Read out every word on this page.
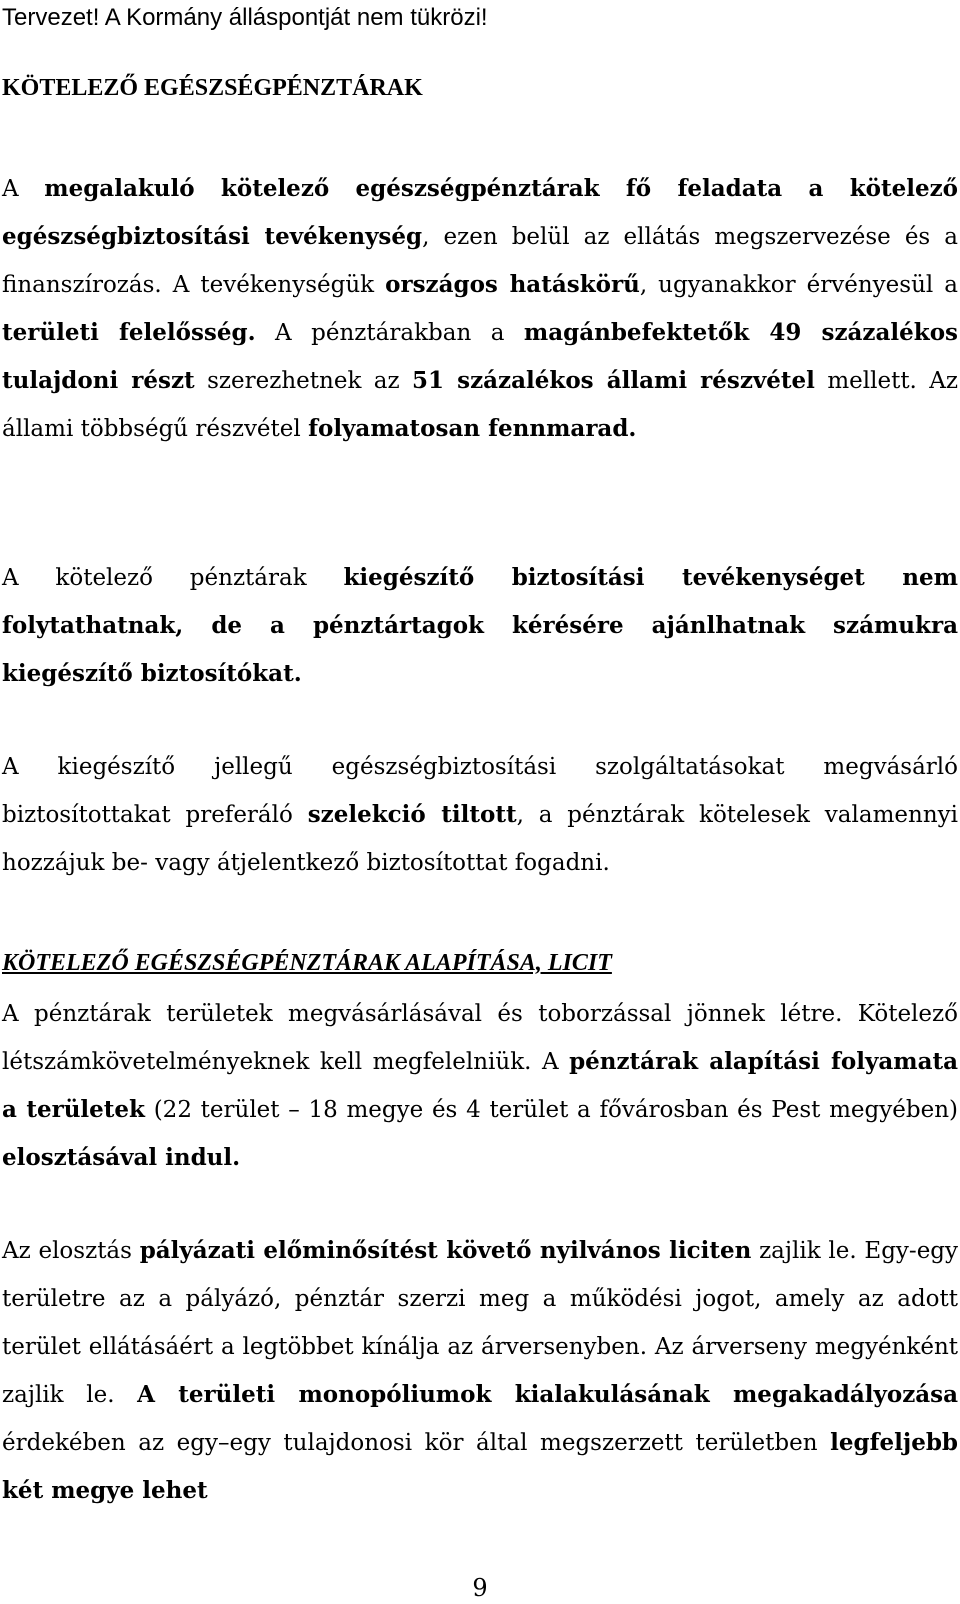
Tervezet! A Kormány álláspontját nem tükrözi!
KÖTELEZŐ EGÉSZSÉGPÉNZTÁRAK

A megalakuló kötelező egészségpénztárak fő feladata a kötelező egészségbiztosítási tevékenység, ezen belül az ellátás megszervezése és a finanszírozás. A tevékenységük országos hatáskörű, ugyanakkor érvényesül a területi felelősség. A pénztárakban a magánbefektetők 49 százalékos tulajdoni részt szerezhetnek az 51 százalékos állami részvétel mellett. Az állami többségű részvétel folyamatosan fennmarad.

A kötelező pénztárak kiegészítő biztosítási tevékenységet nem folytathatnak, de a pénztártagok kérésére ajánlhatnak számukra kiegészítő biztosítókat.

A kiegészítő jellegű egészségbiztosítási szolgáltatásokat megvásárló biztosítottakat preferáló szelekció tiltott, a pénztárak kötelesek valamennyi hozzájuk be- vagy átjelentkező biztosítottat fogadni.

KÖTELEZŐ EGÉSZSÉGPÉNZTÁRAK ALAPÍTÁSA, LICIT

A pénztárak területek megvásárlásával és toborzással jönnek létre. Kötelező létszámkövetelményeknek kell megfelelniük. A pénztárak alapítási folyamata a területek (22 terület – 18 megye és 4 terület a fővárosban és Pest megyében) elosztásával indul.

Az elosztás pályázati előminősítést követő nyilvános liciten zajlik le. Egy-egy területre az a pályázó, pénztár szerzi meg a működési jogot, amely az adott terület ellátásáért a legtöbbet kínálja az árversenyben. Az árverseny megyénként zajlik le. A területi monopóliumok kialakulásának megakadályozása érdekében az egy–egy tulajdonosi kör által megszerzett területben legfeljebb két megye lehet

9
